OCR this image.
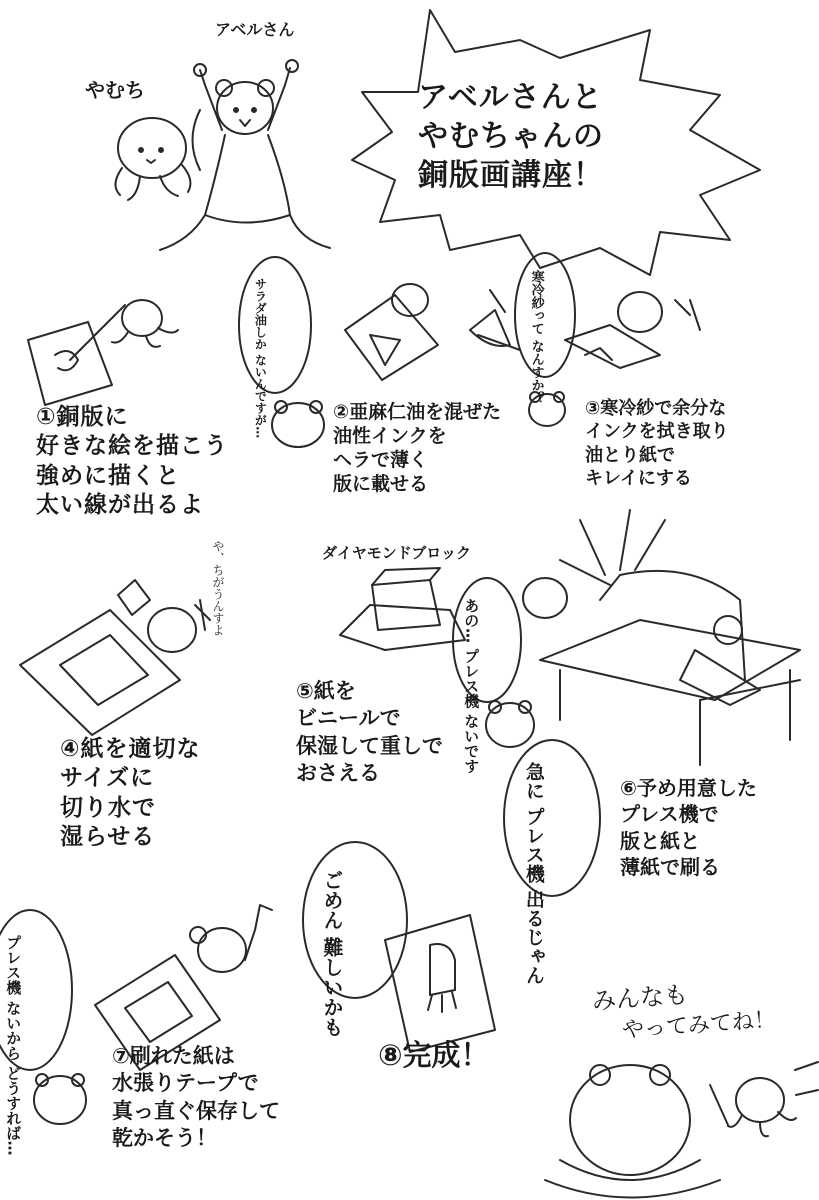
アベルさん
やむち	アベルさんと
やむちゃんの
銅版画講座！
①銅版に
好きな絵を描こう
強めに描くと
太い線が出るよ
②亜麻仁油を混ぜた
油性インクを
ヘラで薄く
版に載せる
③寒冷紗で余分な
インクを拭き取り
油とり紙で
キレイにする
④紙を適切な
サイズに
切り水で
湿らせる
⑤紙を
ビニールで
保湿して重しで
おさえる
⑥予め用意した
プレス機で
版と紙と
薄紙で刷る
⑦刷れた紙は
水張りテープで
真っ直ぐ保存して
乾かそう！
⑧完成！
ダイヤモンドブロック
みんなも
やってみてね！
や、ちがうんすよ
サラダ油しか ないんですが…
寒冷紗って なんすか？
あの… プレス機 ないです
急に プレス機 出るじゃん
ごめん 難しいかも
プレス機 ないから どうすれば…
